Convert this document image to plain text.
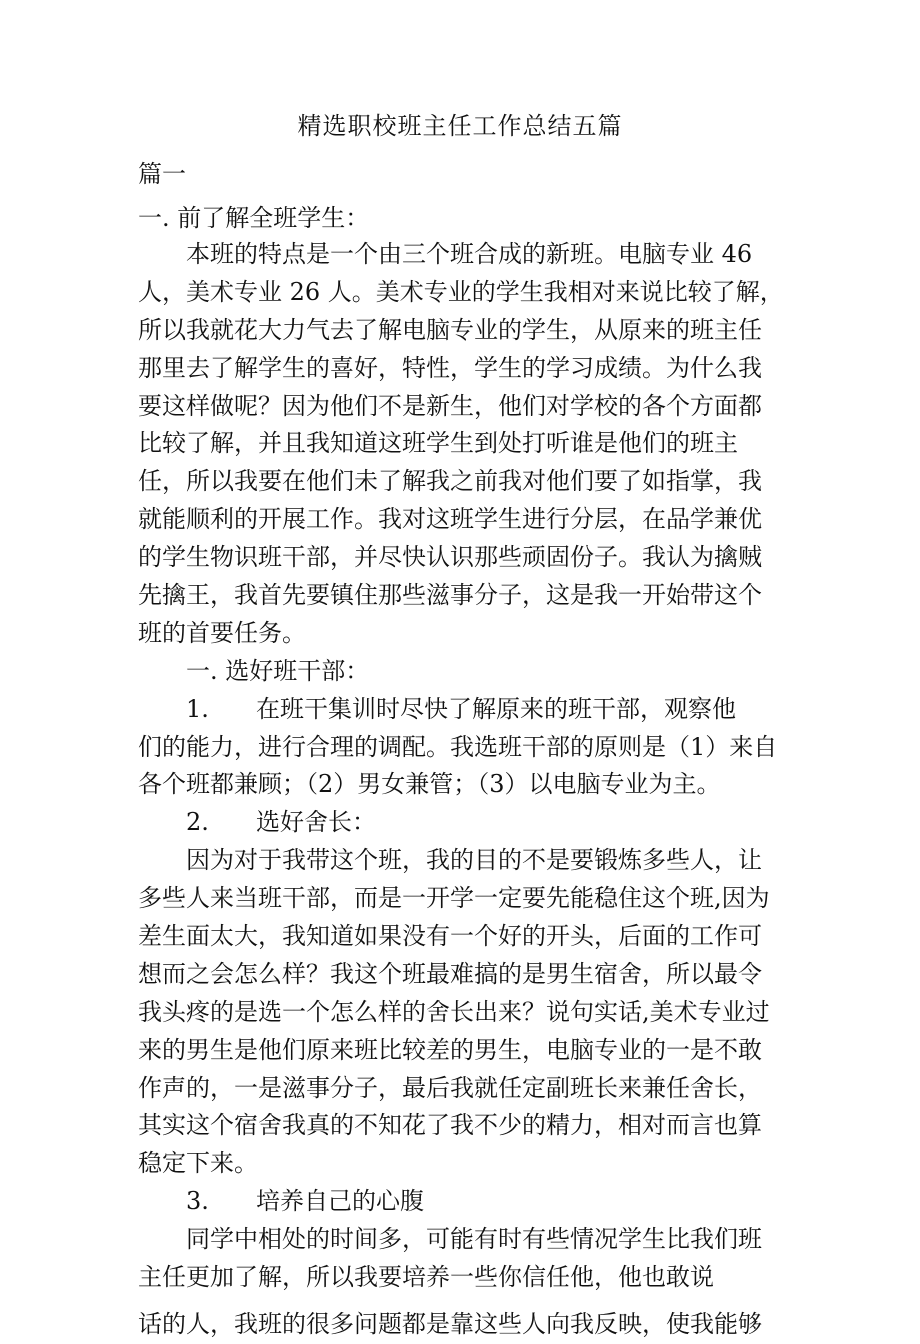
精选职校班主任工作总结五篇
篇一
一. 前了解全班学生：
本班的特点是一个由三个班合成的新班。电脑专业 46
人，美术专业 26 人。美术专业的学生我相对来说比较了解，
所以我就花大力气去了解电脑专业的学生，从原来的班主任
那里去了解学生的喜好，特性，学生的学习成绩。为什么我
要这样做呢？因为他们不是新生，他们对学校的各个方面都
比较了解，并且我知道这班学生到处打听谁是他们的班主
任，所以我要在他们未了解我之前我对他们要了如指掌，我
就能顺利的开展工作。我对这班学生进行分层，在品学兼优
的学生物识班干部，并尽快认识那些顽固份子。我认为擒贼
先擒王，我首先要镇住那些滋事分子，这是我一开始带这个
班的首要任务。
一. 选好班干部：
1. 在班干集训时尽快了解原来的班干部，观察他
们的能力，进行合理的调配。我选班干部的原则是（1）来自
各个班都兼顾；（2）男女兼管；（3）以电脑专业为主。
2. 选好舍长：
因为对于我带这个班，我的目的不是要锻炼多些人，让
多些人来当班干部，而是一开学一定要先能稳住这个班,因为
差生面太大，我知道如果没有一个好的开头，后面的工作可
想而之会怎么样？我这个班最难搞的是男生宿舍，所以最令
我头疼的是选一个怎么样的舍长出来？说句实话,美术专业过
来的男生是他们原来班比较差的男生，电脑专业的一是不敢
作声的，一是滋事分子，最后我就任定副班长来兼任舍长，
其实这个宿舍我真的不知花了我不少的精力，相对而言也算
稳定下来。
3. 培养自己的心腹
同学中相处的时间多，可能有时有些情况学生比我们班
主任更加了解，所以我要培养一些你信任他，他也敢说
话的人，我班的很多问题都是靠这些人向我反映，使我能够
